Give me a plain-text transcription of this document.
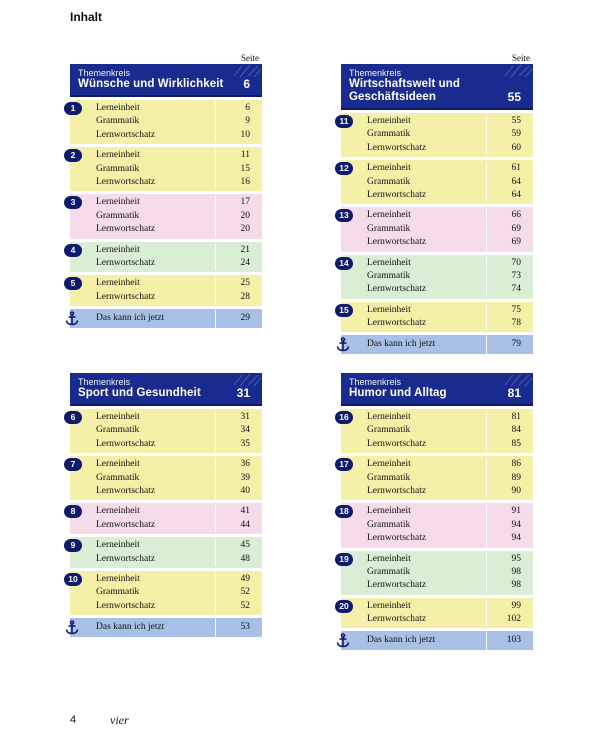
Inhalt
Seite
Themenkreis
Wünsche und Wirklichkeit	6
1	Lerneinheit	6
Grammatik	9
Lernwortschatz	10
2	Lerneinheit	11
Grammatik	15
Lernwortschatz	16
3	Lerneinheit	17
Grammatik	20
Lernwortschatz	20
4	Lerneinheit	21
Lernwortschatz	24
5	Lerneinheit	25
Lernwortschatz	28
Das kann ich jetzt	29
Seite
Themenkreis
Wirtschaftswelt und Geschäftsideen	55
11	Lerneinheit	55
Grammatik	59
Lernwortschatz	60
12	Lerneinheit	61
Grammatik	64
Lernwortschatz	64
13	Lerneinheit	66
Grammatik	69
Lernwortschatz	69
14	Lerneinheit	70
Grammatik	73
Lernwortschatz	74
15	Lerneinheit	75
Lernwortschatz	78
Das kann ich jetzt	79
Themenkreis
Sport und Gesundheit	31
6	Lerneinheit	31
Grammatik	34
Lernwortschatz	35
7	Lerneinheit	36
Grammatik	39
Lernwortschatz	40
8	Lerneinheit	41
Lernwortschatz	44
9	Lerneinheit	45
Lernwortschatz	48
10	Lerneinheit	49
Grammatik	52
Lernwortschatz	52
Das kann ich jetzt	53
Themenkreis
Humor und Alltag	81
16	Lerneinheit	81
Grammatik	84
Lernwortschatz	85
17	Lerneinheit	86
Grammatik	89
Lernwortschatz	90
18	Lerneinheit	91
Grammatik	94
Lernwortschatz	94
19	Lerneinheit	95
Grammatik	98
Lernwortschatz	98
20	Lerneinheit	99
Lernwortschatz	102
Das kann ich jetzt	103
4	vier
